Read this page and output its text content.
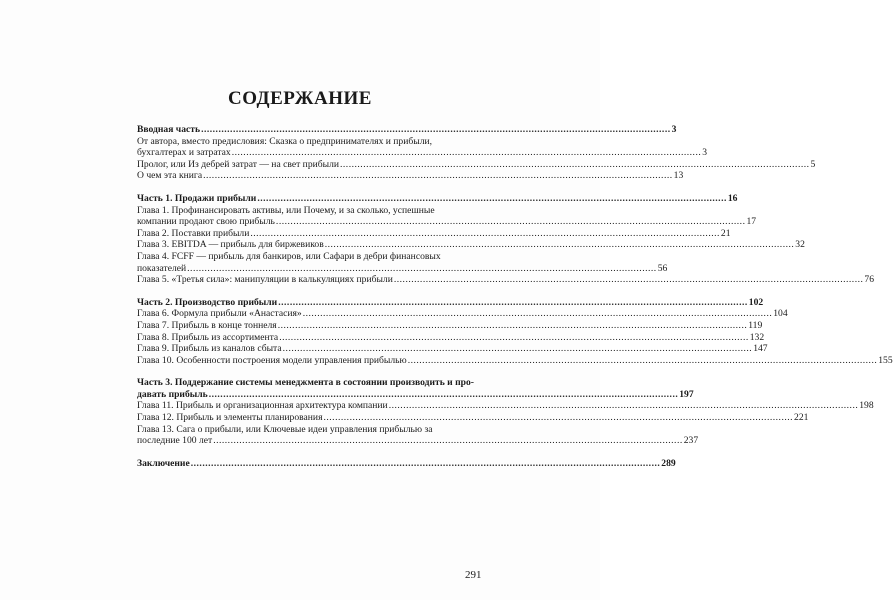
СОДЕРЖАНИЕ
Вводная часть .................................................................................................................................................................. 3
От автора, вместо предисловия: Сказка о предпринимателях и прибыли,
бухгалтерах и затратах .................................................................................................................................................................. 3
Пролог, или Из дебрей затрат — на свет прибыли .................................................................................................................................................................. 5
О чем эта книга .................................................................................................................................................................. 13
Часть 1. Продажи прибыли .................................................................................................................................................................. 16
Глава 1. Профинансировать активы, или Почему, и за сколько, успешные
компании продают свою прибыль .................................................................................................................................................................. 17
Глава 2. Поставки прибыли .................................................................................................................................................................. 21
Глава 3. EBITDA — прибыль для биржевиков .................................................................................................................................................................. 32
Глава 4. FCFF — прибыль для банкиров, или Сафари в дебри финансовых
показателей .................................................................................................................................................................. 56
Глава 5. «Третья сила»: манипуляции в калькуляциях прибыли .................................................................................................................................................................. 76
Часть 2. Производство прибыли .................................................................................................................................................................. 102
Глава 6. Формула прибыли «Анастасия» .................................................................................................................................................................. 104
Глава 7. Прибыль в конце тоннеля .................................................................................................................................................................. 119
Глава 8. Прибыль из ассортимента .................................................................................................................................................................. 132
Глава 9. Прибыль из каналов сбыта .................................................................................................................................................................. 147
Глава 10. Особенности построения модели управления прибылью .................................................................................................................................................................. 155
Часть 3. Поддержание системы менеджмента в состоянии производить и про-
давать прибыль .................................................................................................................................................................. 197
Глава 11. Прибыль и организационная архитектура компании .................................................................................................................................................................. 198
Глава 12. Прибыль и элементы планирования .................................................................................................................................................................. 221
Глава 13. Сага о прибыли, или Ключевые идеи управления прибылью за
последние 100 лет .................................................................................................................................................................. 237
Заключение .................................................................................................................................................................. 289
291
